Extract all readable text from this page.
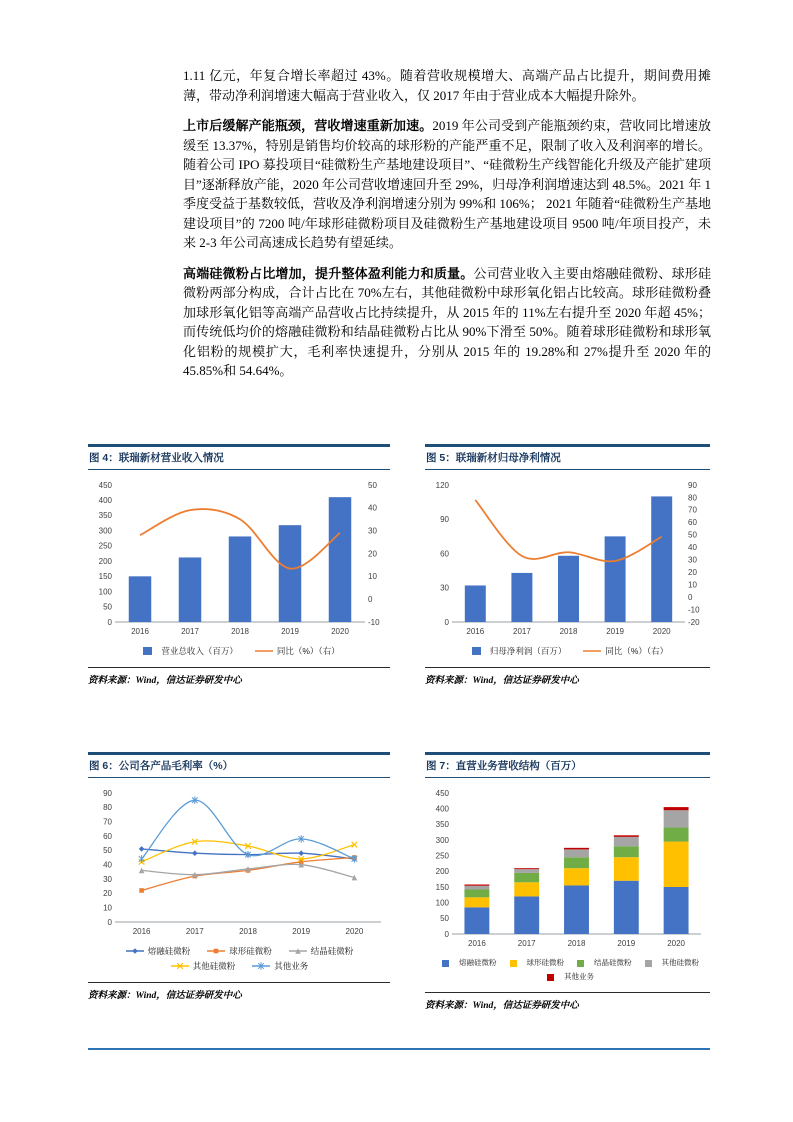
1.11 亿元，年复合增长率超过 43%。随着营收规模增大、高端产品占比提升，期间费用摊薄，带动净利润增速大幅高于营业收入，仅 2017 年由于营业成本大幅提升除外。

上市后缓解产能瓶颈，营收增速重新加速。2019 年公司受到产能瓶颈约束，营收同比增速放缓至 13.37%，特别是销售均价较高的球形粉的产能严重不足，限制了收入及利润率的增长。随着公司 IPO 募投项目“硅微粉生产基地建设项目”、“硅微粉生产线智能化升级及产能扩建项目”逐渐释放产能，2020 年公司营收增速回升至 29%，归母净利润增速达到 48.5%。2021 年 1 季度受益于基数较低，营收及净利润增速分别为 99%和 106%； 2021 年随着“硅微粉生产基地建设项目”的 7200 吨/年球形硅微粉项目及硅微粉生产基地建设项目 9500 吨/年项目投产，未来 2-3 年公司高速成长趋势有望延续。

高端硅微粉占比增加，提升整体盈利能力和质量。公司营业收入主要由熔融硅微粉、球形硅微粉两部分构成，合计占比在 70%左右，其他硅微粉中球形氧化铝占比较高。球形硅微粉叠加球形氧化铝等高端产品营收占比持续提升，从 2015 年的 11%左右提升至 2020 年超 45%；而传统低均价的熔融硅微粉和结晶硅微粉占比从 90%下滑至 50%。随着球形硅微粉和球形氧化铝粉的规模扩大，毛利率快速提升，分别从 2015 年的 19.28%和 27%提升至 2020 年的 45.85%和 54.64%。

图 4：联瑞新材营业收入情况
0
50
100
150
200
250
300
350
400
450
-10
0
10
20
30
40
50
2016	2017	2018	2019	2020
营业总收入（百万）	同比（%）（右）
资料来源：Wind，信达证券研发中心
图 5：联瑞新材归母净利情况
0
30
60
90
120
-20
-10
0
10
20
30
40
50
60
70
80
90
2016	2017	2018	2019	2020
归母净利润（百万）	同比（%）（右）
资料来源：Wind，信达证券研发中心
图 6：公司各产品毛利率（%）
0
10
20
30
40
50
60
70
80
90
2016	2017	2018	2019	2020
熔融硅微粉	球形硅微粉	结晶硅微粉
其他硅微粉	其他业务
资料来源：Wind，信达证券研发中心
图 7：直营业务营收结构（百万）
0
50
100
150
200
250
300
350
400
450
2016	2017	2018	2019	2020
熔融硅微粉	球形硅微粉	结晶硅微粉	其他硅微粉
其他业务
资料来源：Wind，信达证券研发中心
